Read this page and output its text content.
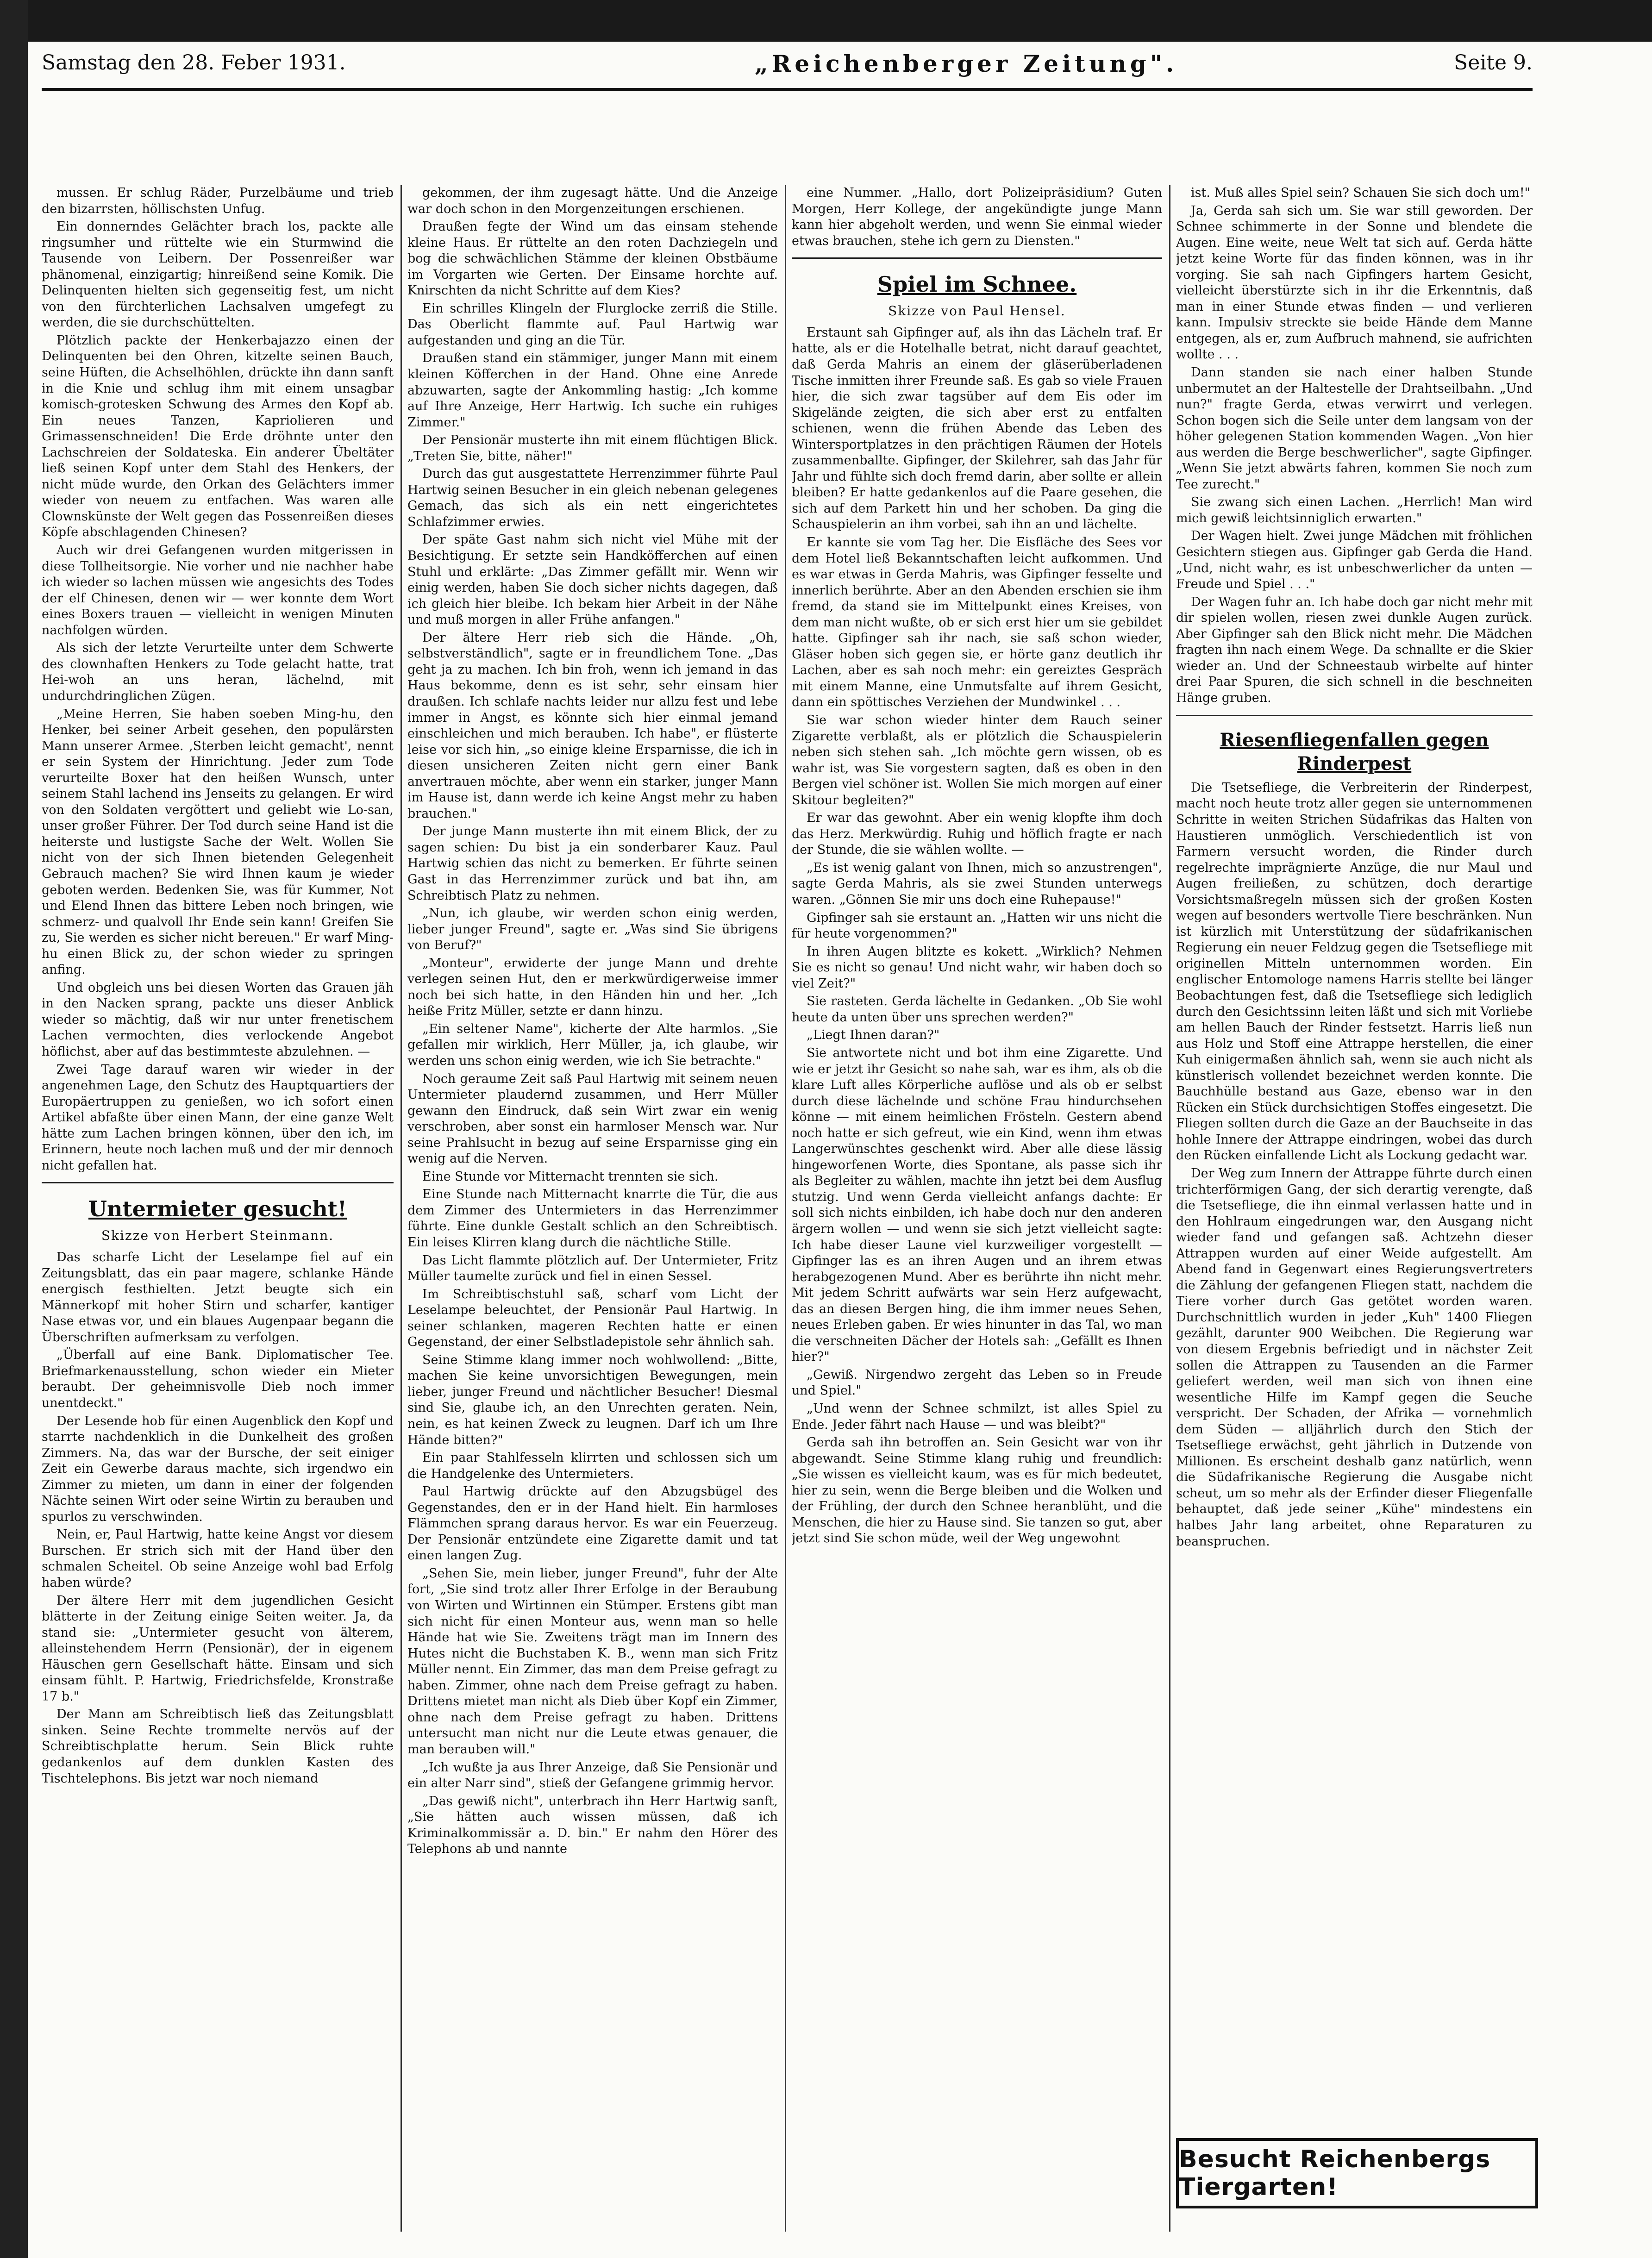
Samstag den 28. Feber 1931.	„Reichenberger Zeitung".	Seite 9.

mussen. Er schlug Räder, Purzelbäume und trieb den bizarrsten, höllischsten Unfug.

Ein donnerndes Gelächter brach los, packte alle ringsumher und rüttelte wie ein Sturmwind die Tausende von Leibern. Der Possenreißer war phänomenal, einzigartig; hinreißend seine Komik. Die Delinquenten hielten sich gegenseitig fest, um nicht von den fürchterlichen Lachsalven umgefegt zu werden, die sie durchschüttelten.

Plötzlich packte der Henkerbajazzo einen der Delinquenten bei den Ohren, kitzelte seinen Bauch, seine Hüften, die Achselhöhlen, drückte ihn dann sanft in die Knie und schlug ihm mit einem unsagbar komisch-grotesken Schwung des Armes den Kopf ab. Ein neues Tanzen, Kapriolieren und Grimassenschneiden! Die Erde dröhnte unter den Lachschreien der Soldateska. Ein anderer Übeltäter ließ seinen Kopf unter dem Stahl des Henkers, der nicht müde wurde, den Orkan des Gelächters immer wieder von neuem zu entfachen. Was waren alle Clownskünste der Welt gegen das Possenreißen dieses Köpfe abschlagenden Chinesen?

Auch wir drei Gefangenen wurden mitgerissen in diese Tollheitsorgie. Nie vorher und nie nachher habe ich wieder so lachen müssen wie angesichts des Todes der elf Chinesen, denen wir — wer konnte dem Wort eines Boxers trauen — vielleicht in wenigen Minuten nachfolgen würden.

Als sich der letzte Verurteilte unter dem Schwerte des clownhaften Henkers zu Tode gelacht hatte, trat Hei-woh an uns heran, lächelnd, mit undurchdringlichen Zügen.

„Meine Herren, Sie haben soeben Ming-hu, den Henker, bei seiner Arbeit gesehen, den populärsten Mann unserer Armee. ‚Sterben leicht gemacht', nennt er sein System der Hinrichtung. Jeder zum Tode verurteilte Boxer hat den heißen Wunsch, unter seinem Stahl lachend ins Jenseits zu gelangen. Er wird von den Soldaten vergöttert und geliebt wie Lo-san, unser großer Führer. Der Tod durch seine Hand ist die heiterste und lustigste Sache der Welt. Wollen Sie nicht von der sich Ihnen bietenden Gelegenheit Gebrauch machen? Sie wird Ihnen kaum je wieder geboten werden. Bedenken Sie, was für Kummer, Not und Elend Ihnen das bittere Leben noch bringen, wie schmerz- und qualvoll Ihr Ende sein kann! Greifen Sie zu, Sie werden es sicher nicht bereuen." Er warf Ming-hu einen Blick zu, der schon wieder zu springen anfing.

Und obgleich uns bei diesen Worten das Grauen jäh in den Nacken sprang, packte uns dieser Anblick wieder so mächtig, daß wir nur unter frenetischem Lachen vermochten, dies verlockende Angebot höflichst, aber auf das bestimmteste abzulehnen. —

Zwei Tage darauf waren wir wieder in der angenehmen Lage, den Schutz des Hauptquartiers der Europäertruppen zu genießen, wo ich sofort einen Artikel abfaßte über einen Mann, der eine ganze Welt hätte zum Lachen bringen können, über den ich, im Erinnern, heute noch lachen muß und der mir dennoch nicht gefallen hat.

Untermieter gesucht!
Skizze von Herbert Steinmann.

Das scharfe Licht der Leselampe fiel auf ein Zeitungsblatt, das ein paar magere, schlanke Hände energisch festhielten. Jetzt beugte sich ein Männerkopf mit hoher Stirn und scharfer, kantiger Nase etwas vor, und ein blaues Augenpaar begann die Überschriften aufmerksam zu verfolgen.

„Überfall auf eine Bank. Diplomatischer Tee. Briefmarkenausstellung, schon wieder ein Mieter beraubt. Der geheimnisvolle Dieb noch immer unentdeckt."

Der Lesende hob für einen Augenblick den Kopf und starrte nachdenklich in die Dunkelheit des großen Zimmers. Na, das war der Bursche, der seit einiger Zeit ein Gewerbe daraus machte, sich irgendwo ein Zimmer zu mieten, um dann in einer der folgenden Nächte seinen Wirt oder seine Wirtin zu berauben und spurlos zu verschwinden.

Nein, er, Paul Hartwig, hatte keine Angst vor diesem Burschen. Er strich sich mit der Hand über den schmalen Scheitel. Ob seine Anzeige wohl bad Erfolg haben würde?

Der ältere Herr mit dem jugendlichen Gesicht blätterte in der Zeitung einige Seiten weiter. Ja, da stand sie: „Untermieter gesucht von älterem, alleinstehendem Herrn (Pensionär), der in eigenem Häuschen gern Gesellschaft hätte. Einsam und sich einsam fühlt. P. Hartwig, Friedrichsfelde, Kronstraße 17 b."

Der Mann am Schreibtisch ließ das Zeitungsblatt sinken. Seine Rechte trommelte nervös auf der Schreibtischplatte herum. Sein Blick ruhte gedankenlos auf dem dunklen Kasten des Tischtelephons. Bis jetzt war noch niemand

gekommen, der ihm zugesagt hätte. Und die Anzeige war doch schon in den Morgenzeitungen erschienen.

Draußen fegte der Wind um das einsam stehende kleine Haus. Er rüttelte an den roten Dachziegeln und bog die schwächlichen Stämme der kleinen Obstbäume im Vorgarten wie Gerten. Der Einsame horchte auf. Knirschten da nicht Schritte auf dem Kies?

Ein schrilles Klingeln der Flurglocke zerriß die Stille. Das Oberlicht flammte auf. Paul Hartwig war aufgestanden und ging an die Tür.

Draußen stand ein stämmiger, junger Mann mit einem kleinen Köfferchen in der Hand. Ohne eine Anrede abzuwarten, sagte der Ankommling hastig: „Ich komme auf Ihre Anzeige, Herr Hartwig. Ich suche ein ruhiges Zimmer."

Der Pensionär musterte ihn mit einem flüchtigen Blick. „Treten Sie, bitte, näher!"

Durch das gut ausgestattete Herrenzimmer führte Paul Hartwig seinen Besucher in ein gleich nebenan gelegenes Gemach, das sich als ein nett eingerichtetes Schlafzimmer erwies.

Der späte Gast nahm sich nicht viel Mühe mit der Besichtigung. Er setzte sein Handköfferchen auf einen Stuhl und erklärte: „Das Zimmer gefällt mir. Wenn wir einig werden, haben Sie doch sicher nichts dagegen, daß ich gleich hier bleibe. Ich bekam hier Arbeit in der Nähe und muß morgen in aller Frühe anfangen."

Der ältere Herr rieb sich die Hände. „Oh, selbstverständlich", sagte er in freundlichem Tone. „Das geht ja zu machen. Ich bin froh, wenn ich jemand in das Haus bekomme, denn es ist sehr, sehr einsam hier draußen. Ich schlafe nachts leider nur allzu fest und lebe immer in Angst, es könnte sich hier einmal jemand einschleichen und mich berauben. Ich habe", er flüsterte leise vor sich hin, „so einige kleine Ersparnisse, die ich in diesen unsicheren Zeiten nicht gern einer Bank anvertrauen möchte, aber wenn ein starker, junger Mann im Hause ist, dann werde ich keine Angst mehr zu haben brauchen."

Der junge Mann musterte ihn mit einem Blick, der zu sagen schien: Du bist ja ein sonderbarer Kauz. Paul Hartwig schien das nicht zu bemerken. Er führte seinen Gast in das Herrenzimmer zurück und bat ihn, am Schreibtisch Platz zu nehmen.

„Nun, ich glaube, wir werden schon einig werden, lieber junger Freund", sagte er. „Was sind Sie übrigens von Beruf?"

„Monteur", erwiderte der junge Mann und drehte verlegen seinen Hut, den er merkwürdigerweise immer noch bei sich hatte, in den Händen hin und her. „Ich heiße Fritz Müller, setzte er dann hinzu.

„Ein seltener Name", kicherte der Alte harmlos. „Sie gefallen mir wirklich, Herr Müller, ja, ich glaube, wir werden uns schon einig werden, wie ich Sie betrachte."

Noch geraume Zeit saß Paul Hartwig mit seinem neuen Untermieter plaudernd zusammen, und Herr Müller gewann den Eindruck, daß sein Wirt zwar ein wenig verschroben, aber sonst ein harmloser Mensch war. Nur seine Prahlsucht in bezug auf seine Ersparnisse ging ein wenig auf die Nerven.

Eine Stunde vor Mitternacht trennten sie sich.

Eine Stunde nach Mitternacht knarrte die Tür, die aus dem Zimmer des Untermieters in das Herrenzimmer führte. Eine dunkle Gestalt schlich an den Schreibtisch. Ein leises Klirren klang durch die nächtliche Stille.

Das Licht flammte plötzlich auf. Der Untermieter, Fritz Müller taumelte zurück und fiel in einen Sessel.

Im Schreibtischstuhl saß, scharf vom Licht der Leselampe beleuchtet, der Pensionär Paul Hartwig. In seiner schlanken, mageren Rechten hatte er einen Gegenstand, der einer Selbstladepistole sehr ähnlich sah.

Seine Stimme klang immer noch wohlwollend: „Bitte, machen Sie keine unvorsichtigen Bewegungen, mein lieber, junger Freund und nächtlicher Besucher! Diesmal sind Sie, glaube ich, an den Unrechten geraten. Nein, nein, es hat keinen Zweck zu leugnen. Darf ich um Ihre Hände bitten?"

Ein paar Stahlfesseln klirrten und schlossen sich um die Handgelenke des Untermieters.

Paul Hartwig drückte auf den Abzugsbügel des Gegenstandes, den er in der Hand hielt. Ein harmloses Flämmchen sprang daraus hervor. Es war ein Feuerzeug. Der Pensionär entzündete eine Zigarette damit und tat einen langen Zug.

„Sehen Sie, mein lieber, junger Freund", fuhr der Alte fort, „Sie sind trotz aller Ihrer Erfolge in der Beraubung von Wirten und Wirtinnen ein Stümper. Erstens gibt man sich nicht für einen Monteur aus, wenn man so helle Hände hat wie Sie. Zweitens trägt man im Innern des Hutes nicht die Buchstaben K. B., wenn man sich Fritz Müller nennt. Ein Zimmer, das man dem Preise gefragt zu haben. Zimmer, ohne nach dem Preise gefragt zu haben. Drittens mietet man nicht als Dieb über Kopf ein Zimmer, ohne nach dem Preise gefragt zu haben. Drittens untersucht man nicht nur die Leute etwas genauer, die man berauben will."

„Ich wußte ja aus Ihrer Anzeige, daß Sie Pensionär und ein alter Narr sind", stieß der Gefangene grimmig hervor.

„Das gewiß nicht", unterbrach ihn Herr Hartwig sanft, „Sie hätten auch wissen müssen, daß ich Kriminalkommissär a. D. bin." Er nahm den Hörer des Telephons ab und nannte

eine Nummer. „Hallo, dort Polizeipräsidium? Guten Morgen, Herr Kollege, der angekündigte junge Mann kann hier abgeholt werden, und wenn Sie einmal wieder etwas brauchen, stehe ich gern zu Diensten."

Spiel im Schnee.
Skizze von Paul Hensel.

Erstaunt sah Gipfinger auf, als ihn das Lächeln traf. Er hatte, als er die Hotelhalle betrat, nicht darauf geachtet, daß Gerda Mahris an einem der gläserüberladenen Tische inmitten ihrer Freunde saß. Es gab so viele Frauen hier, die sich zwar tagsüber auf dem Eis oder im Skigelände zeigten, die sich aber erst zu entfalten schienen, wenn die frühen Abende das Leben des Wintersportplatzes in den prächtigen Räumen der Hotels zusammenballte. Gipfinger, der Skilehrer, sah das Jahr für Jahr und fühlte sich doch fremd darin, aber sollte er allein bleiben? Er hatte gedankenlos auf die Paare gesehen, die sich auf dem Parkett hin und her schoben. Da ging die Schauspielerin an ihm vorbei, sah ihn an und lächelte.

Er kannte sie vom Tag her. Die Eisfläche des Sees vor dem Hotel ließ Bekanntschaften leicht aufkommen. Und es war etwas in Gerda Mahris, was Gipfinger fesselte und innerlich berührte. Aber an den Abenden erschien sie ihm fremd, da stand sie im Mittelpunkt eines Kreises, von dem man nicht wußte, ob er sich erst hier um sie gebildet hatte. Gipfinger sah ihr nach, sie saß schon wieder, Gläser hoben sich gegen sie, er hörte ganz deutlich ihr Lachen, aber es sah noch mehr: ein gereiztes Gespräch mit einem Manne, eine Unmutsfalte auf ihrem Gesicht, dann ein spöttisches Verziehen der Mundwinkel . . .

Sie war schon wieder hinter dem Rauch seiner Zigarette verblaßt, als er plötzlich die Schauspielerin neben sich stehen sah. „Ich möchte gern wissen, ob es wahr ist, was Sie vorgestern sagten, daß es oben in den Bergen viel schöner ist. Wollen Sie mich morgen auf einer Skitour begleiten?"

Er war das gewohnt. Aber ein wenig klopfte ihm doch das Herz. Merkwürdig. Ruhig und höflich fragte er nach der Stunde, die sie wählen wollte. —

„Es ist wenig galant von Ihnen, mich so anzustrengen", sagte Gerda Mahris, als sie zwei Stunden unterwegs waren. „Gönnen Sie mir uns doch eine Ruhepause!"

Gipfinger sah sie erstaunt an. „Hatten wir uns nicht die für heute vorgenommen?"

In ihren Augen blitzte es kokett. „Wirklich? Nehmen Sie es nicht so genau! Und nicht wahr, wir haben doch so viel Zeit?"

Sie rasteten. Gerda lächelte in Gedanken. „Ob Sie wohl heute da unten über uns sprechen werden?"

„Liegt Ihnen daran?"

Sie antwortete nicht und bot ihm eine Zigarette. Und wie er jetzt ihr Gesicht so nahe sah, war es ihm, als ob die klare Luft alles Körperliche auflöse und als ob er selbst durch diese lächelnde und schöne Frau hindurchsehen könne — mit einem heimlichen Frösteln. Gestern abend noch hatte er sich gefreut, wie ein Kind, wenn ihm etwas Langerwünschtes geschenkt wird. Aber alle diese lässig hingeworfenen Worte, dies Spontane, als passe sich ihr als Begleiter zu wählen, machte ihn jetzt bei dem Ausflug stutzig. Und wenn Gerda vielleicht anfangs dachte: Er soll sich nichts einbilden, ich habe doch nur den anderen ärgern wollen — und wenn sie sich jetzt vielleicht sagte: Ich habe dieser Laune viel kurzweiliger vorgestellt — Gipfinger las es an ihren Augen und an ihrem etwas herabgezogenen Mund. Aber es berührte ihn nicht mehr. Mit jedem Schritt aufwärts war sein Herz aufgewacht, das an diesen Bergen hing, die ihm immer neues Sehen, neues Erleben gaben. Er wies hinunter in das Tal, wo man die verschneiten Dächer der Hotels sah: „Gefällt es Ihnen hier?"

„Gewiß. Nirgendwo zergeht das Leben so in Freude und Spiel."

„Und wenn der Schnee schmilzt, ist alles Spiel zu Ende. Jeder fährt nach Hause — und was bleibt?"

Gerda sah ihn betroffen an. Sein Gesicht war von ihr abgewandt. Seine Stimme klang ruhig und freundlich: „Sie wissen es vielleicht kaum, was es für mich bedeutet, hier zu sein, wenn die Berge bleiben und die Wolken und der Frühling, der durch den Schnee heranblüht, und die Menschen, die hier zu Hause sind. Sie tanzen so gut, aber jetzt sind Sie schon müde, weil der Weg ungewohnt

ist. Muß alles Spiel sein? Schauen Sie sich doch um!"

Ja, Gerda sah sich um. Sie war still geworden. Der Schnee schimmerte in der Sonne und blendete die Augen. Eine weite, neue Welt tat sich auf. Gerda hätte jetzt keine Worte für das finden können, was in ihr vorging. Sie sah nach Gipfingers hartem Gesicht, vielleicht überstürzte sich in ihr die Erkenntnis, daß man in einer Stunde etwas finden — und verlieren kann. Impulsiv streckte sie beide Hände dem Manne entgegen, als er, zum Aufbruch mahnend, sie aufrichten wollte . . .

Dann standen sie nach einer halben Stunde unbermutet an der Haltestelle der Drahtseilbahn. „Und nun?" fragte Gerda, etwas verwirrt und verlegen. Schon bogen sich die Seile unter dem langsam von der höher gelegenen Station kommenden Wagen. „Von hier aus werden die Berge beschwerlicher", sagte Gipfinger. „Wenn Sie jetzt abwärts fahren, kommen Sie noch zum Tee zurecht."

Sie zwang sich einen Lachen. „Herrlich! Man wird mich gewiß leichtsinniglich erwarten."

Der Wagen hielt. Zwei junge Mädchen mit fröhlichen Gesichtern stiegen aus. Gipfinger gab Gerda die Hand. „Und, nicht wahr, es ist unbeschwerlicher da unten — Freude und Spiel . . ."

Der Wagen fuhr an. Ich habe doch gar nicht mehr mit dir spielen wollen, riesen zwei dunkle Augen zurück. Aber Gipfinger sah den Blick nicht mehr. Die Mädchen fragten ihn nach einem Wege. Da schnallte er die Skier wieder an. Und der Schneestaub wirbelte auf hinter drei Paar Spuren, die sich schnell in die beschneiten Hänge gruben.

Riesenfliegenfallen gegen Rinderpest

Die Tsetsefliege, die Verbreiterin der Rinderpest, macht noch heute trotz aller gegen sie unternommenen Schritte in weiten Strichen Südafrikas das Halten von Haustieren unmöglich. Verschiedentlich ist von Farmern versucht worden, die Rinder durch regelrechte imprägnierte Anzüge, die nur Maul und Augen freiließen, zu schützen, doch derartige Vorsichtsmaßregeln müssen sich der großen Kosten wegen auf besonders wertvolle Tiere beschränken. Nun ist kürzlich mit Unterstützung der südafrikanischen Regierung ein neuer Feldzug gegen die Tsetsefliege mit originellen Mitteln unternommen worden. Ein englischer Entomologe namens Harris stellte bei länger Beobachtungen fest, daß die Tsetsefliege sich lediglich durch den Gesichtssinn leiten läßt und sich mit Vorliebe am hellen Bauch der Rinder festsetzt. Harris ließ nun aus Holz und Stoff eine Attrappe herstellen, die einer Kuh einigermaßen ähnlich sah, wenn sie auch nicht als künstlerisch vollendet bezeichnet werden konnte. Die Bauchhülle bestand aus Gaze, ebenso war in den Rücken ein Stück durchsichtigen Stoffes eingesetzt. Die Fliegen sollten durch die Gaze an der Bauchseite in das hohle Innere der Attrappe eindringen, wobei das durch den Rücken einfallende Licht als Lockung gedacht war.

Der Weg zum Innern der Attrappe führte durch einen trichterförmigen Gang, der sich derartig verengte, daß die Tsetsefliege, die ihn einmal verlassen hatte und in den Hohlraum eingedrungen war, den Ausgang nicht wieder fand und gefangen saß. Achtzehn dieser Attrappen wurden auf einer Weide aufgestellt. Am Abend fand in Gegenwart eines Regierungsvertreters die Zählung der gefangenen Fliegen statt, nachdem die Tiere vorher durch Gas getötet worden waren. Durchschnittlich wurden in jeder „Kuh" 1400 Fliegen gezählt, darunter 900 Weibchen. Die Regierung war von diesem Ergebnis befriedigt und in nächster Zeit sollen die Attrappen zu Tausenden an die Farmer geliefert werden, weil man sich von ihnen eine wesentliche Hilfe im Kampf gegen die Seuche verspricht. Der Schaden, der Afrika — vornehmlich dem Süden — alljährlich durch den Stich der Tsetsefliege erwächst, geht jährlich in Dutzende von Millionen. Es erscheint deshalb ganz natürlich, wenn die Südafrikanische Regierung die Ausgabe nicht scheut, um so mehr als der Erfinder dieser Fliegenfalle behauptet, daß jede seiner „Kühe" mindestens ein halbes Jahr lang arbeitet, ohne Reparaturen zu beanspruchen.

Besucht Reichenbergs Tiergarten!
